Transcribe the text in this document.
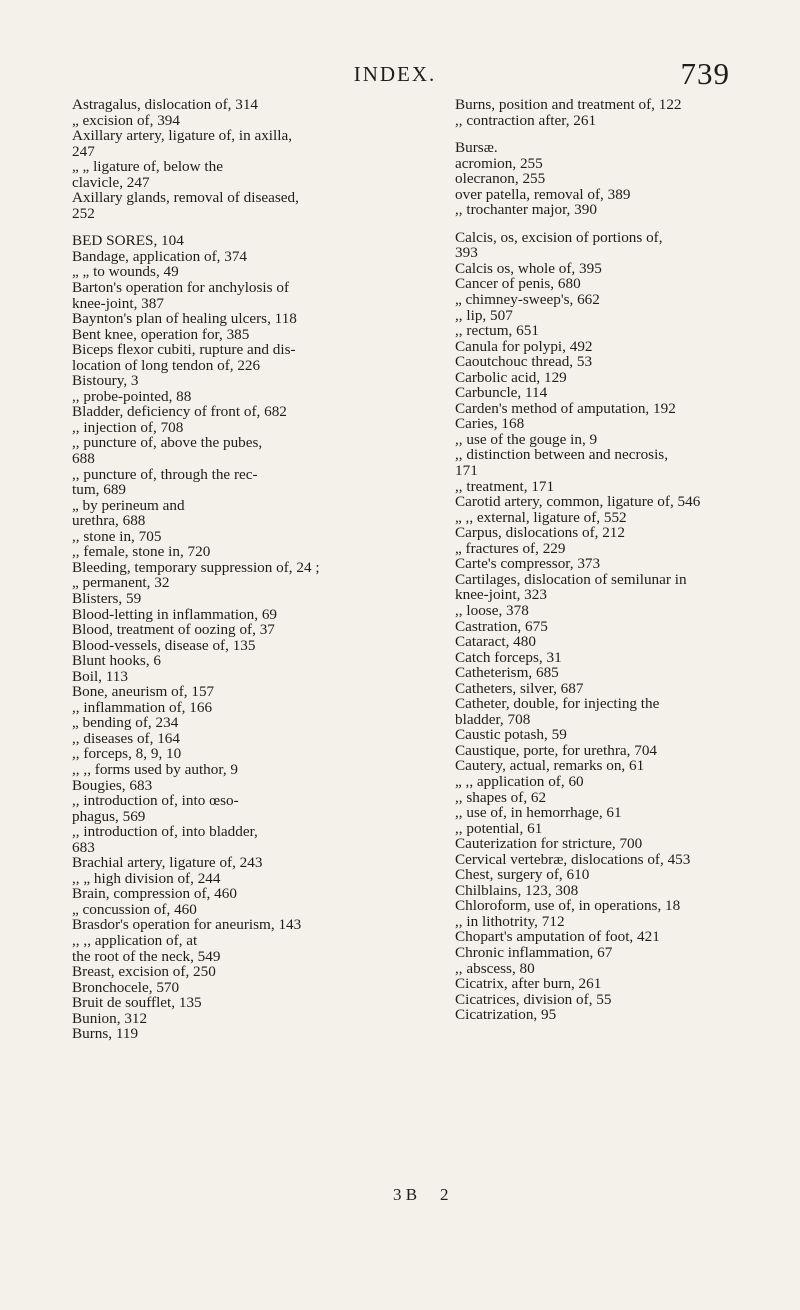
INDEX.	739
Astragalus, dislocation of, 314
„ excision of, 394
Axillary artery, ligature of, in axilla,
247
„ „ ligature of, below the
clavicle, 247
Axillary glands, removal of diseased,
252
BED SORES, 104
Bandage, application of, 374
„ „ to wounds, 49
Barton's operation for anchylosis of
knee-joint, 387
Baynton's plan of healing ulcers, 118
Bent knee, operation for, 385
Biceps flexor cubiti, rupture and dis-
location of long tendon of, 226
Bistoury, 3
,, probe-pointed, 88
Bladder, deficiency of front of, 682
,, injection of, 708
,, puncture of, above the pubes,
688
,, puncture of, through the rec-
tum, 689
„ by perineum and
urethra, 688
,, stone in, 705
,, female, stone in, 720
Bleeding, temporary suppression of, 24 ;
„ permanent, 32
Blisters, 59
Blood-letting in inflammation, 69
Blood, treatment of oozing of, 37
Blood-vessels, disease of, 135
Blunt hooks, 6
Boil, 113
Bone, aneurism of, 157
,, inflammation of, 166
„ bending of, 234
,, diseases of, 164
,, forceps, 8, 9, 10
,, ,, forms used by author, 9
Bougies, 683
,, introduction of, into œso-
phagus, 569
,, introduction of, into bladder,
683
Brachial artery, ligature of, 243
,, „ high division of, 244
Brain, compression of, 460
„ concussion of, 460
Brasdor's operation for aneurism, 143
,, ,, application of, at
the root of the neck, 549
Breast, excision of, 250
Bronchocele, 570
Bruit de soufflet, 135
Bunion, 312
Burns, 119
Burns, position and treatment of, 122
,, contraction after, 261
Bursæ.
acromion, 255
olecranon, 255
over patella, removal of, 389
,, trochanter major, 390
Calcis, os, excision of portions of,
393
Calcis os, whole of, 395
Cancer of penis, 680
„ chimney-sweep's, 662
,, lip, 507
,, rectum, 651
Canula for polypi, 492
Caoutchouc thread, 53
Carbolic acid, 129
Carbuncle, 114
Carden's method of amputation, 192
Caries, 168
,, use of the gouge in, 9
,, distinction between and necrosis,
171
,, treatment, 171
Carotid artery, common, ligature of, 546
„ ,, external, ligature of, 552
Carpus, dislocations of, 212
„ fractures of, 229
Carte's compressor, 373
Cartilages, dislocation of semilunar in
knee-joint, 323
,, loose, 378
Castration, 675
Cataract, 480
Catch forceps, 31
Catheterism, 685
Catheters, silver, 687
Catheter, double, for injecting the
bladder, 708
Caustic potash, 59
Caustique, porte, for urethra, 704
Cautery, actual, remarks on, 61
„ ,, application of, 60
,, shapes of, 62
,, use of, in hemorrhage, 61
,, potential, 61
Cauterization for stricture, 700
Cervical vertebræ, dislocations of, 453
Chest, surgery of, 610
Chilblains, 123, 308
Chloroform, use of, in operations, 18
,, in lithotrity, 712
Chopart's amputation of foot, 421
Chronic inflammation, 67
,, abscess, 80
Cicatrix, after burn, 261
Cicatrices, division of, 55
Cicatrization, 95
3 B 2
